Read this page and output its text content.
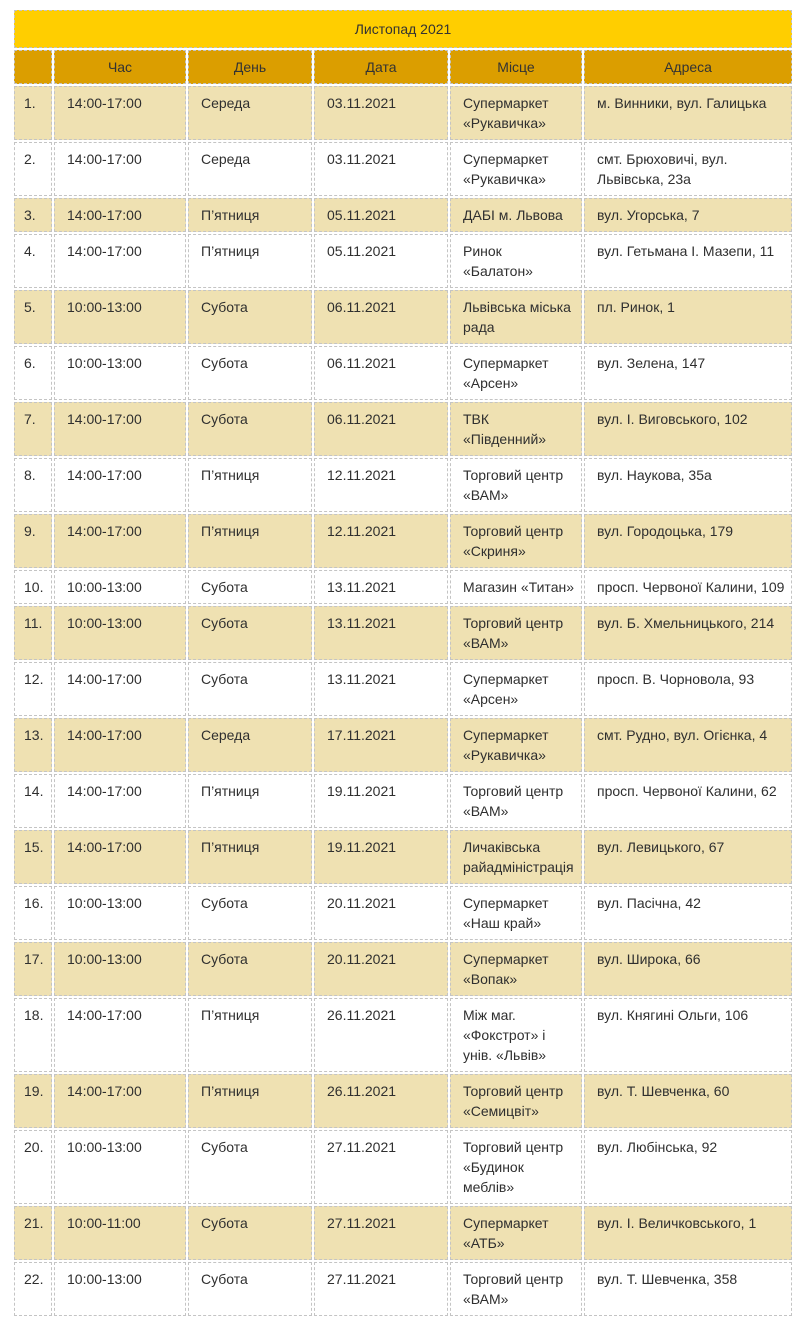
Листопад 2021					
	Час	День	Дата	Місце	Адреса
1.	14:00-17:00	Середа	03.11.2021	Супермаркет «Рукавичка»	м. Винники, вул. Галицька
2.	14:00-17:00	Середа	03.11.2021	Супермаркет «Рукавичка»	смт. Брюховичі, вул. Львівська, 23а
3.	14:00-17:00	П’ятниця	05.11.2021	ДАБІ м. Львова	вул. Угорська, 7
4.	14:00-17:00	П’ятниця	05.11.2021	Ринок «Балатон»	вул. Гетьмана І. Мазепи, 11
5.	10:00-13:00	Субота	06.11.2021	Львівська міська рада	пл. Ринок, 1
6.	10:00-13:00	Субота	06.11.2021	Супермаркет «Арсен»	вул. Зелена, 147
7.	14:00-17:00	Субота	06.11.2021	ТВК «Південний»	вул. І. Виговського, 102
8.	14:00-17:00	П’ятниця	12.11.2021	Торговий центр «ВАМ»	вул. Наукова, 35а
9.	14:00-17:00	П’ятниця	12.11.2021	Торговий центр «Скриня»	вул. Городоцька, 179
10.	10:00-13:00	Субота	13.11.2021	Магазин «Титан»	просп. Червоної Калини, 109
11.	10:00-13:00	Субота	13.11.2021	Торговий центр «ВАМ»	вул. Б. Хмельницького, 214
12.	14:00-17:00	Субота	13.11.2021	Супермаркет «Арсен»	просп. В. Чорновола, 93
13.	14:00-17:00	Середа	17.11.2021	Супермаркет «Рукавичка»	смт. Рудно, вул. Огієнка, 4
14.	14:00-17:00	П’ятниця	19.11.2021	Торговий центр «ВАМ»	просп. Червоної Калини, 62
15.	14:00-17:00	П’ятниця	19.11.2021	Личаківська райадміністрація	вул. Левицького, 67
16.	10:00-13:00	Субота	20.11.2021	Супермаркет «Наш край»	вул. Пасічна, 42
17.	10:00-13:00	Субота	20.11.2021	Супермаркет «Вопак»	вул. Широка, 66
18.	14:00-17:00	П’ятниця	26.11.2021	Між маг. «Фокстрот» і унів. «Львів»	вул. Княгині Ольги, 106
19.	14:00-17:00	П’ятниця	26.11.2021	Торговий центр «Семицвіт»	вул. Т. Шевченка, 60
20.	10:00-13:00	Субота	27.11.2021	Торговий центр «Будинок меблів»	вул. Любінська, 92
21.	10:00-11:00	Субота	27.11.2021	Супермаркет «АТБ»	вул. І. Величковського, 1
22.	10:00-13:00	Субота	27.11.2021	Торговий центр «ВАМ»	вул. Т. Шевченка, 358
